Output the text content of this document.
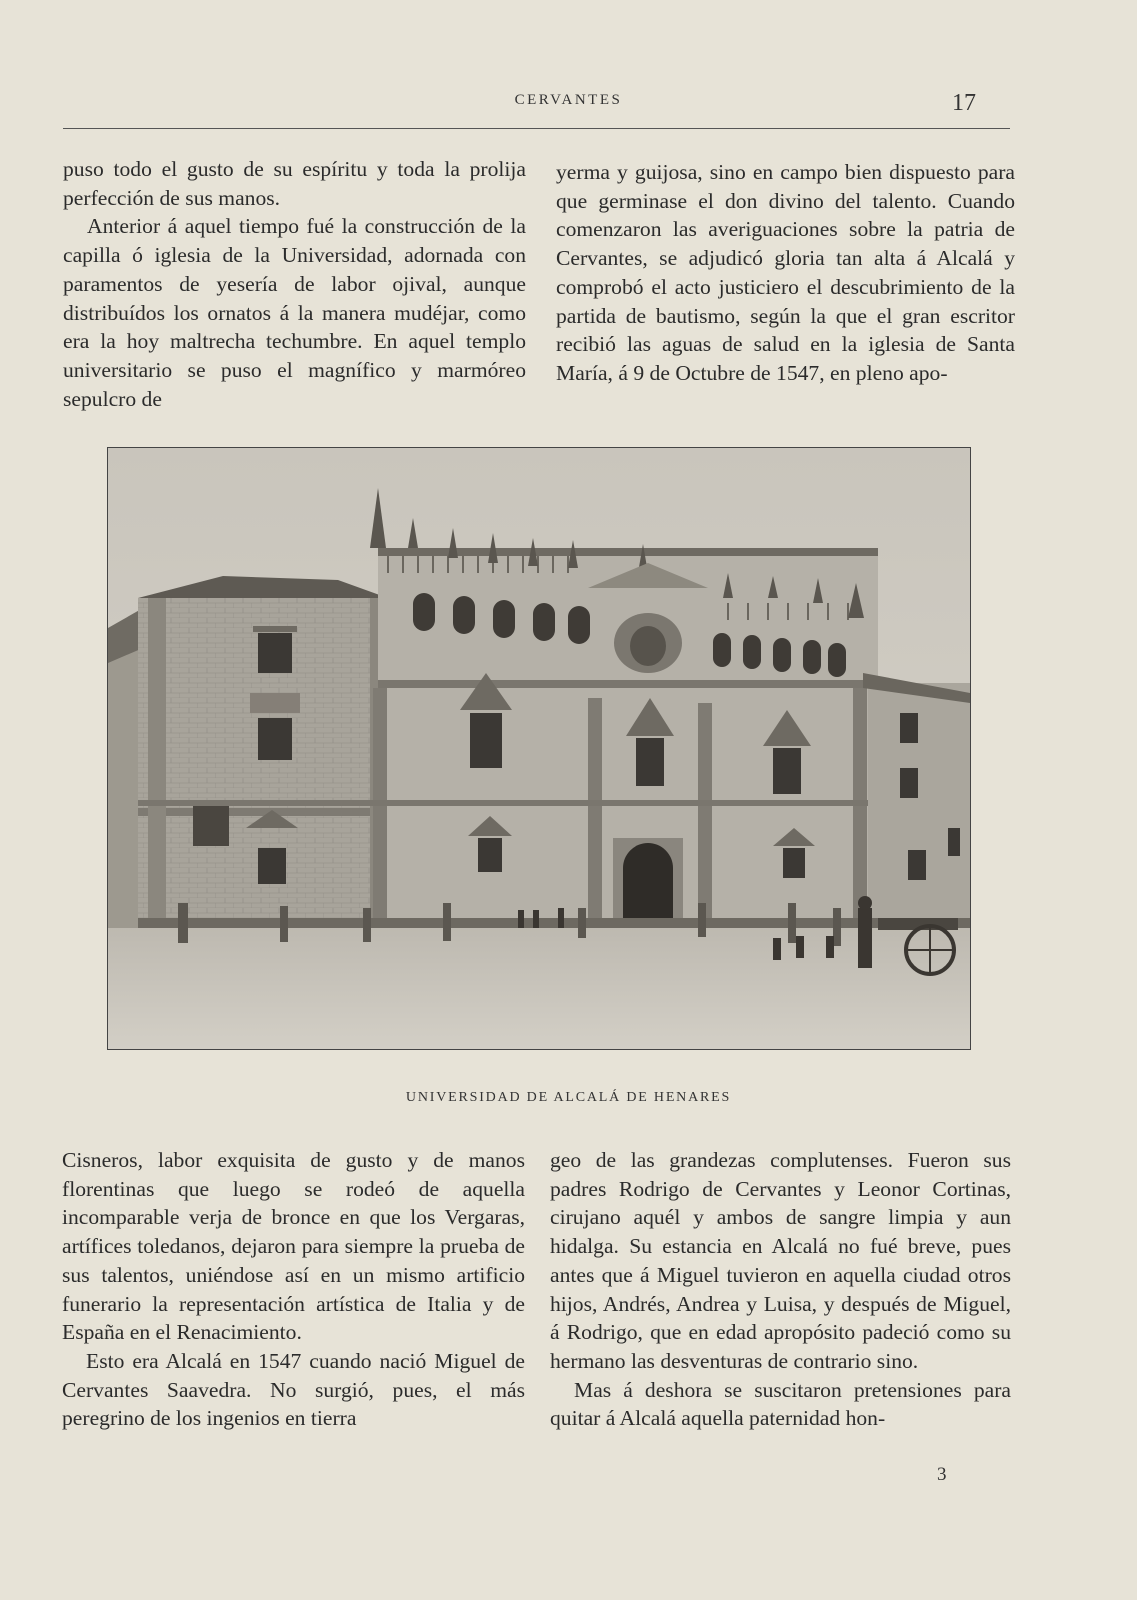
CERVANTES	17

puso todo el gusto de su espíritu y toda la prolija perfección de sus manos.

Anterior á aquel tiempo fué la construcción de la capilla ó iglesia de la Universidad, adornada con paramentos de yesería de labor ojival, aunque distribuídos los ornatos á la manera mudéjar, como era la hoy maltrecha techumbre. En aquel templo universitario se puso el magnífico y marmóreo sepulcro de

yerma y guijosa, sino en campo bien dispuesto para que germinase el don divino del talento. Cuando comenzaron las averiguaciones sobre la patria de Cervantes, se adjudicó gloria tan alta á Alcalá y comprobó el acto justiciero el descubrimiento de la partida de bautismo, según la que el gran escritor recibió las aguas de salud en la iglesia de Santa María, á 9 de Octubre de 1547, en pleno apo-

UNIVERSIDAD DE ALCALÁ DE HENARES

Cisneros, labor exquisita de gusto y de manos florentinas que luego se rodeó de aquella incomparable verja de bronce en que los Vergaras, artífices toledanos, dejaron para siempre la prueba de sus talentos, uniéndose así en un mismo artificio funerario la representación artística de Italia y de España en el Renacimiento.

Esto era Alcalá en 1547 cuando nació Miguel de Cervantes Saavedra. No surgió, pues, el más peregrino de los ingenios en tierra

geo de las grandezas complutenses. Fueron sus padres Rodrigo de Cervantes y Leonor Cortinas, cirujano aquél y ambos de sangre limpia y aun hidalga. Su estancia en Alcalá no fué breve, pues antes que á Miguel tuvieron en aquella ciudad otros hijos, Andrés, Andrea y Luisa, y después de Miguel, á Rodrigo, que en edad apropósito padeció como su hermano las desventuras de contrario sino.

Mas á deshora se suscitaron pretensiones para quitar á Alcalá aquella paternidad hon-

3
